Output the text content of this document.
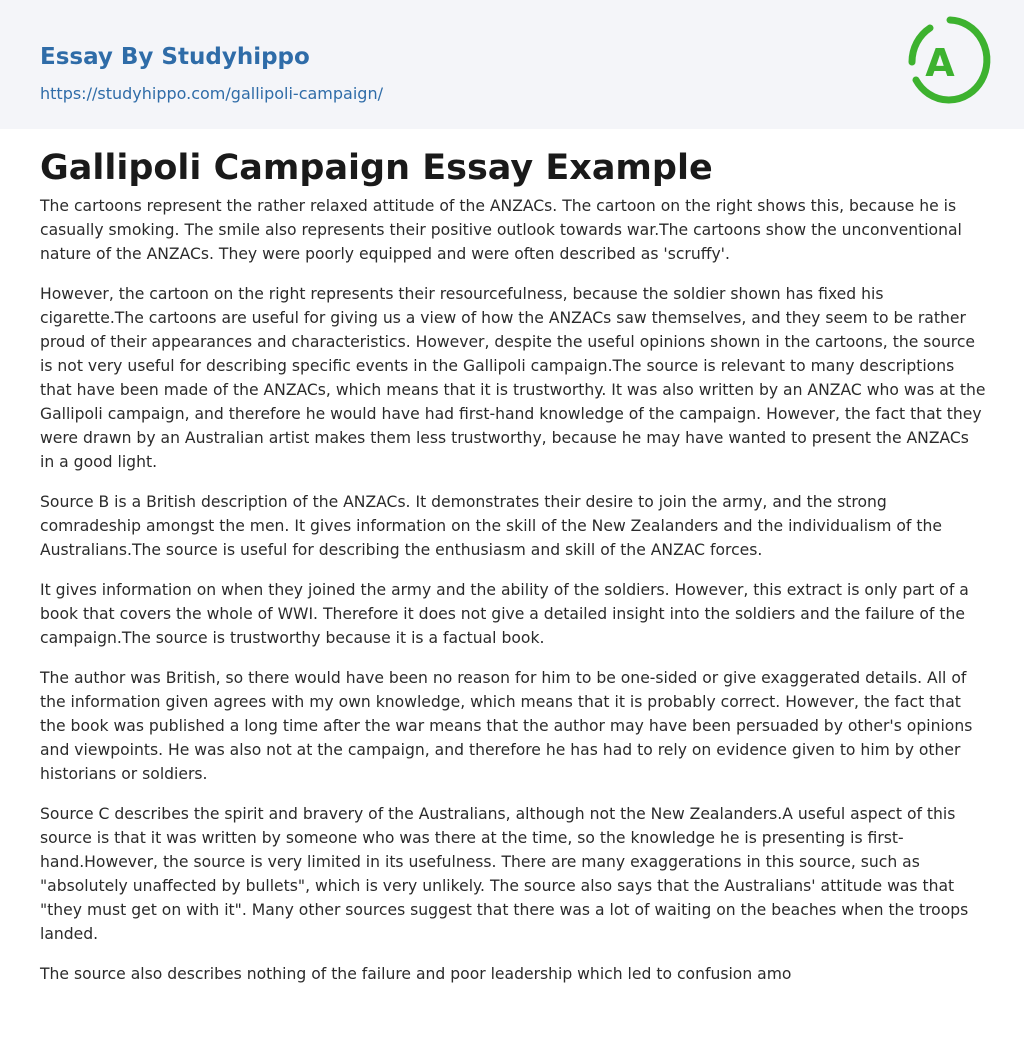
Essay By Studyhippo
https://studyhippo.com/gallipoli-campaign/
A
Gallipoli Campaign Essay Example

The cartoons represent the rather relaxed attitude of the ANZACs. The cartoon on the right shows this, because he is casually smoking. The smile also represents their positive outlook towards war.The cartoons show the unconventional nature of the ANZACs. They were poorly equipped and were often described as 'scruffy'.

However, the cartoon on the right represents their resourcefulness, because the soldier shown has fixed his cigarette.The cartoons are useful for giving us a view of how the ANZACs saw themselves, and they seem to be rather proud of their appearances and characteristics. However, despite the useful opinions shown in the cartoons, the source is not very useful for describing specific events in the Gallipoli campaign.The source is relevant to many descriptions that have been made of the ANZACs, which means that it is trustworthy. It was also written by an ANZAC who was at the Gallipoli campaign, and therefore he would have had first-hand knowledge of the campaign. However, the fact that they were drawn by an Australian artist makes them less trustworthy, because he may have wanted to present the ANZACs in a good light.

Source B is a British description of the ANZACs. It demonstrates their desire to join the army, and the strong comradeship amongst the men. It gives information on the skill of the New Zealanders and the individualism of the Australians.The source is useful for describing the enthusiasm and skill of the ANZAC forces.

It gives information on when they joined the army and the ability of the soldiers. However, this extract is only part of a book that covers the whole of WWI. Therefore it does not give a detailed insight into the soldiers and the failure of the campaign.The source is trustworthy because it is a factual book.

The author was British, so there would have been no reason for him to be one-sided or give exaggerated details. All of the information given agrees with my own knowledge, which means that it is probably correct. However, the fact that the book was published a long time after the war means that the author may have been persuaded by other's opinions and viewpoints. He was also not at the campaign, and therefore he has had to rely on evidence given to him by other historians or soldiers.

Source C describes the spirit and bravery of the Australians, although not the New Zealanders.A useful aspect of this source is that it was written by someone who was there at the time, so the knowledge he is presenting is first-hand.However, the source is very limited in its usefulness. There are many exaggerations in this source, such as "absolutely unaffected by bullets", which is very unlikely. The source also says that the Australians' attitude was that "they must get on with it". Many other sources suggest that there was a lot of waiting on the beaches when the troops landed.

The source also describes nothing of the failure and poor leadership which led to confusion amo
